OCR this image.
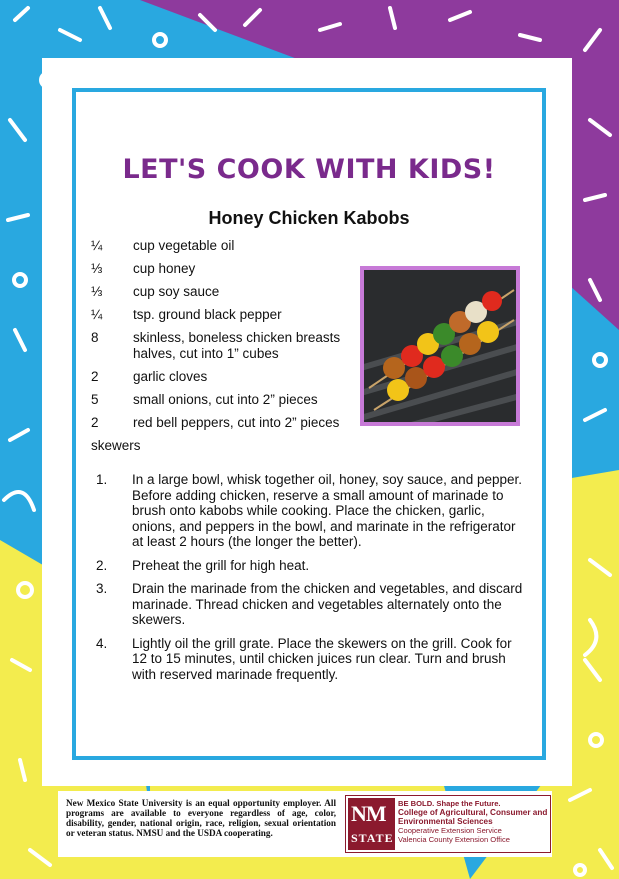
LET'S COOK WITH KIDS!
Honey Chicken Kabobs
¼	cup vegetable oil
⅓	cup honey
⅓	cup soy sauce
¼	tsp. ground black pepper
8	skinless, boneless chicken breasts halves, cut into 1” cubes
2	garlic cloves
5	small onions, cut into 2” pieces
2	red bell peppers, cut into 2” pieces
skewers
1.	In a large bowl, whisk together oil, honey, soy sauce, and pepper. Before adding chicken, reserve a small amount of marinade to brush onto kabobs while cooking. Place the chicken, garlic, onions, and peppers in the bowl, and marinate in the refrigerator at least 2 hours (the longer the better).
2.	Preheat the grill for high heat.
3.	Drain the marinade from the chicken and vegetables, and discard marinade. Thread chicken and vegetables alternately onto the skewers.
4.	Lightly oil the grill grate. Place the skewers on the grill. Cook for 12 to 15 minutes, until chicken juices run clear. Turn and brush with reserved marinade frequently.
New Mexico State University is an equal opportunity employer. All programs are available to everyone regardless of age, color, disability, gender, national origin, race, religion, sexual orientation or veteran status. NMSU and the USDA cooperating.
NM
STATE
BE BOLD. Shape the Future.
College of Agricultural, Consumer and Environmental Sciences
Cooperative Extension Service
Valencia County Extension Office
